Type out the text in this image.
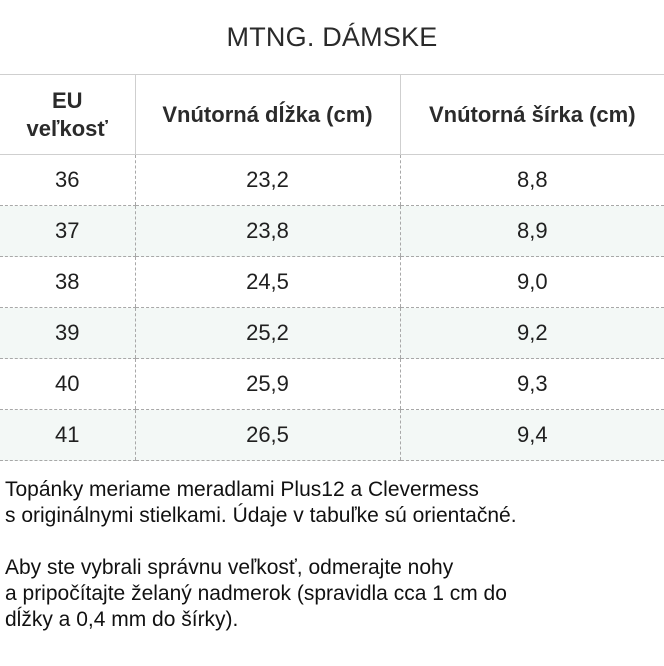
MTNG. DÁMSKE		
EU
veľkosť	Vnútorná dĺžka (cm)	Vnútorná šírka (cm)
36	23,2	8,8
37	23,8	8,9
38	24,5	9,0
39	25,2	9,2
40	25,9	9,3
41	26,5	9,4

Topánky meriame meradlami Plus12 a Clevermess
s originálnymi stielkami. Údaje v tabuľke sú orientačné.

Aby ste vybrali správnu veľkosť, odmerajte nohy
a pripočítajte želaný nadmerok (spravidla cca 1 cm do
dĺžky a 0,4 mm do šírky).
